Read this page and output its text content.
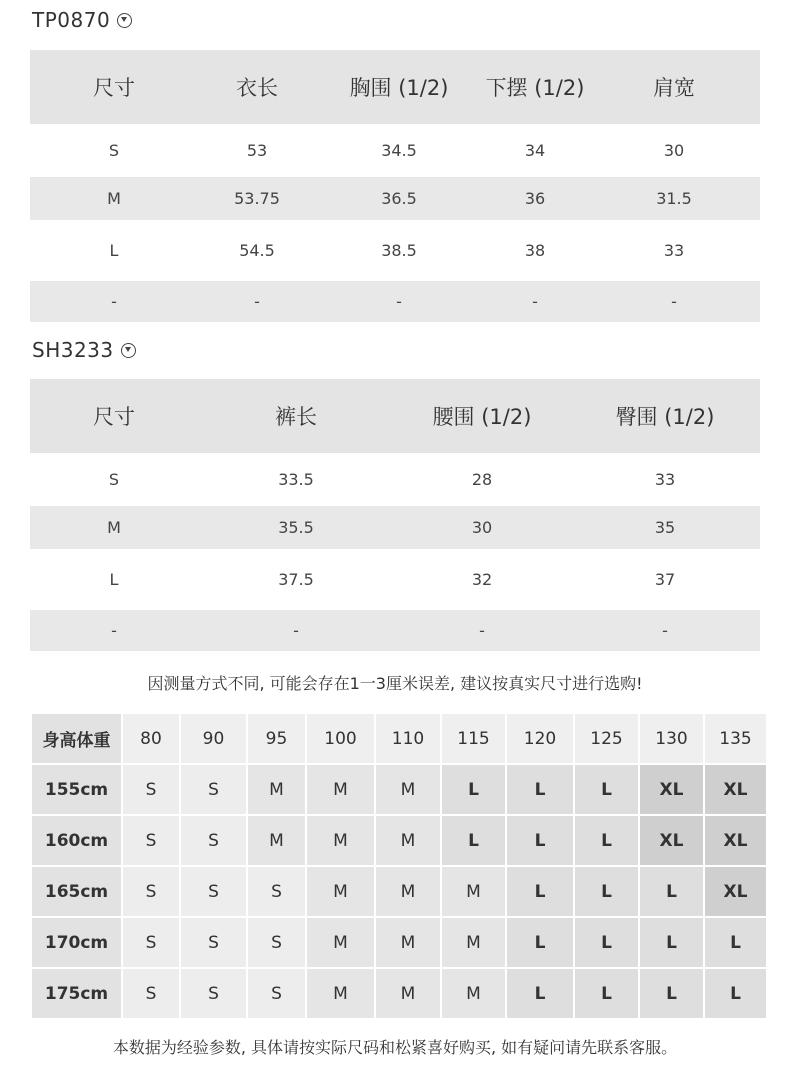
TP0870
尺寸	衣长	胸围 (1/2)	下摆 (1/2)	肩宽
S	53	34.5	34	30
M	53.75	36.5	36	31.5
L	54.5	38.5	38	33
-	-	-	-	-
SH3233
尺寸	裤长	腰围 (1/2)	臀围 (1/2)
S	33.5	28	33
M	35.5	30	35
L	37.5	32	37
-	-	-	-
因测量方式不同, 可能会存在1一3厘米误差, 建议按真实尺寸进行选购!
身高体重	80	90	95	100	110	115	120	125	130	135
155cm	S	S	M	M	M	L	L	L	XL	XL
160cm	S	S	M	M	M	L	L	L	XL	XL
165cm	S	S	S	M	M	M	L	L	L	XL
170cm	S	S	S	M	M	M	L	L	L	L
175cm	S	S	S	M	M	M	L	L	L	L
本数据为经验参数, 具体请按实际尺码和松紧喜好购买, 如有疑问请先联系客服。
